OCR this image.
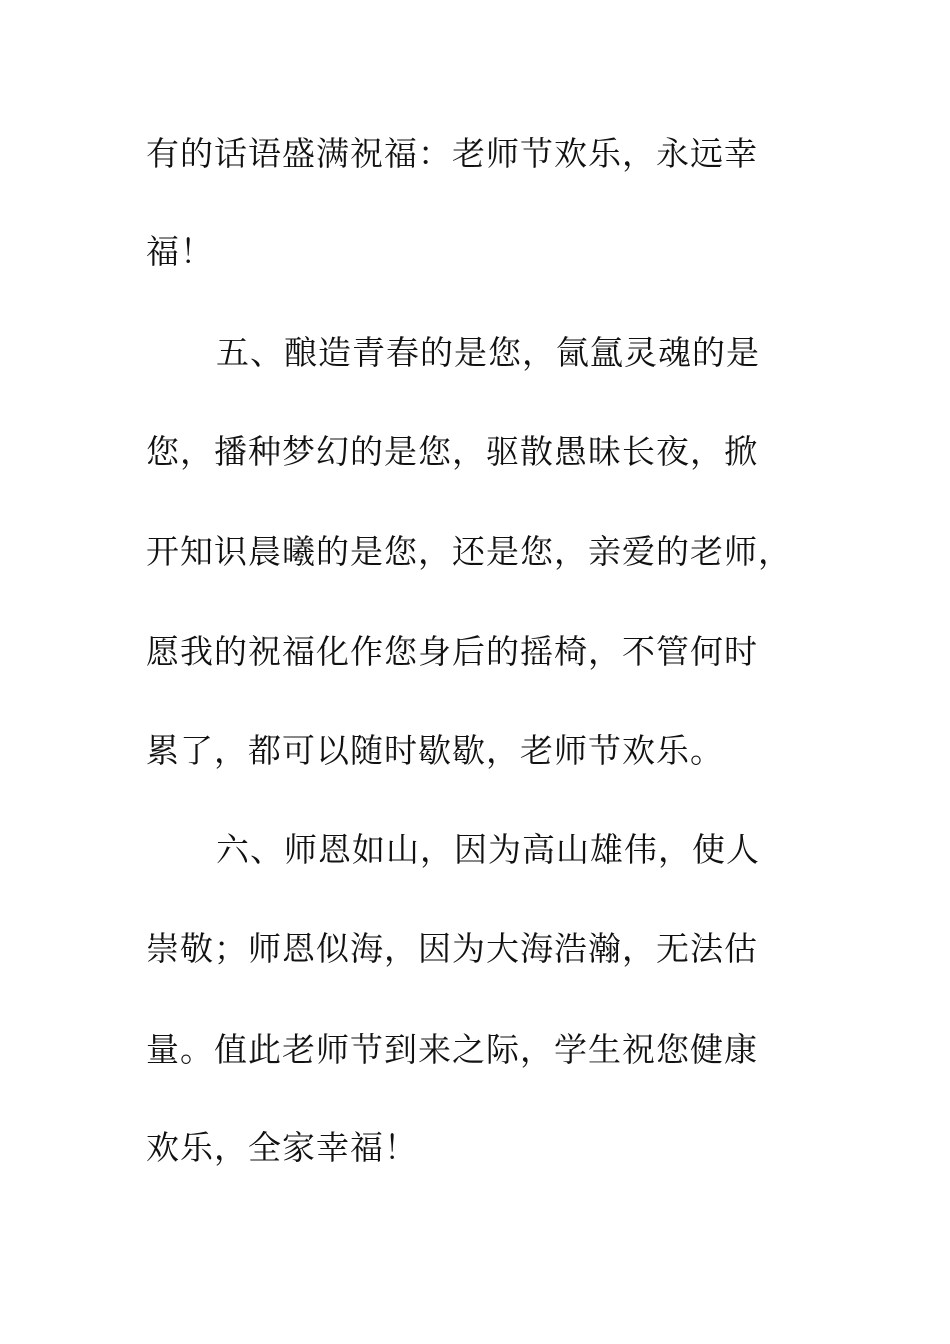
有的话语盛满祝福：老师节欢乐，永远幸
福！
五、酿造青春的是您，氤氲灵魂的是
您，播种梦幻的是您，驱散愚昧长夜，掀
开知识晨曦的是您，还是您，亲爱的老师，
愿我的祝福化作您身后的摇椅，不管何时
累了，都可以随时歇歇，老师节欢乐。
六、师恩如山，因为高山雄伟，使人
崇敬；师恩似海，因为大海浩瀚，无法估
量。值此老师节到来之际，学生祝您健康
欢乐，全家幸福！
